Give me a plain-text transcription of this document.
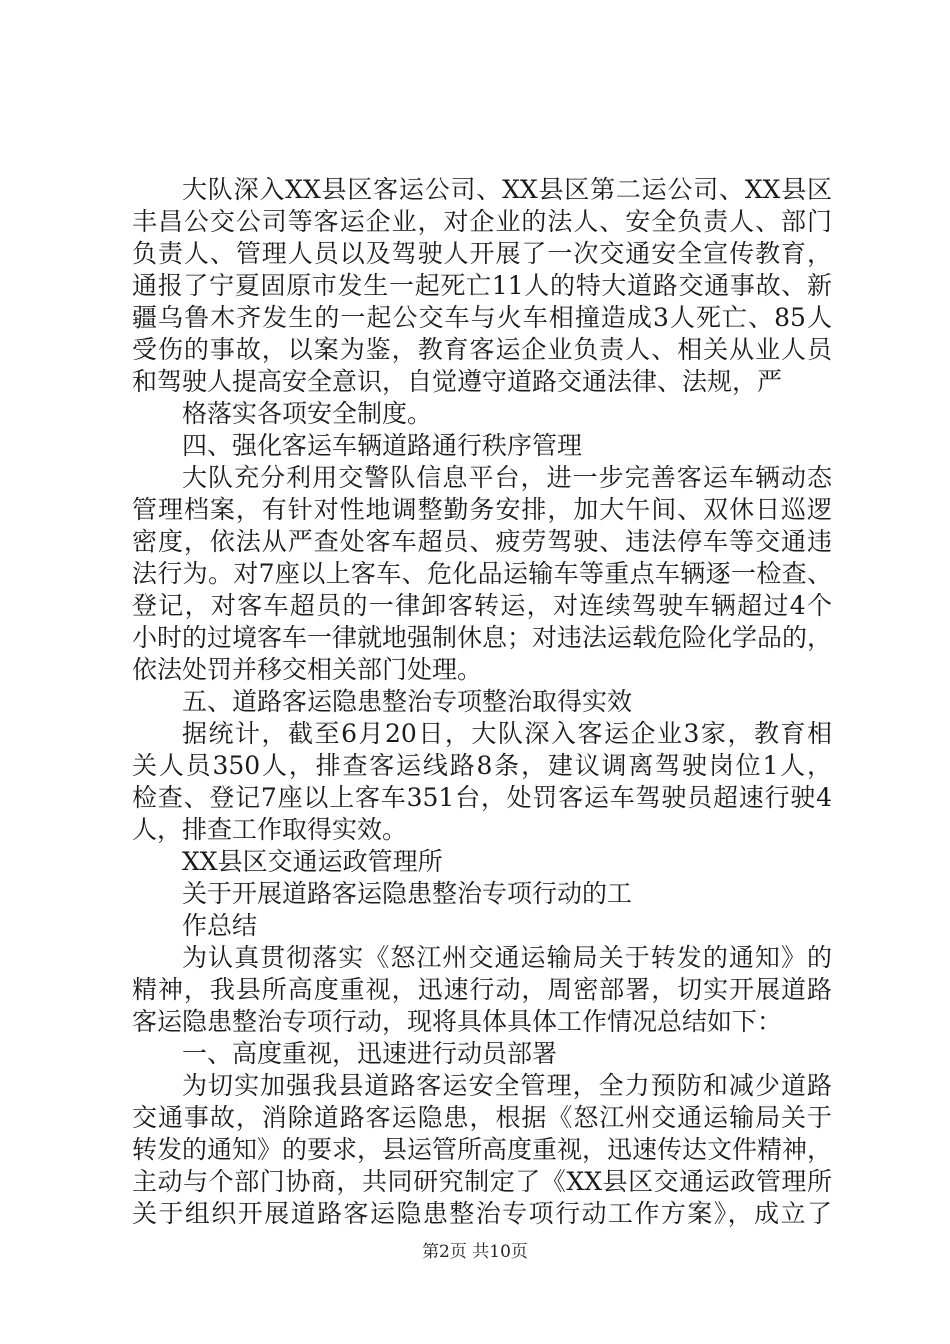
大队深入XX县区客运公司、XX县区第二运公司、XX县区
丰昌公交公司等客运企业，对企业的法人、安全负责人、部门
负责人、管理人员以及驾驶人开展了一次交通安全宣传教育，
通报了宁夏固原市发生一起死亡11人的特大道路交通事故、新
疆乌鲁木齐发生的一起公交车与火车相撞造成3人死亡、85人
受伤的事故，以案为鉴，教育客运企业负责人、相关从业人员
和驾驶人提高安全意识，自觉遵守道路交通法律、法规，严
格落实各项安全制度。
四、强化客运车辆道路通行秩序管理
大队充分利用交警队信息平台，进一步完善客运车辆动态
管理档案，有针对性地调整勤务安排，加大午间、双休日巡逻
密度，依法从严查处客车超员、疲劳驾驶、违法停车等交通违
法行为。对7座以上客车、危化品运输车等重点车辆逐一检查、
登记，对客车超员的一律卸客转运，对连续驾驶车辆超过4个
小时的过境客车一律就地强制休息；对违法运载危险化学品的，
依法处罚并移交相关部门处理。
五、道路客运隐患整治专项整治取得实效
据统计，截至6月20日，大队深入客运企业3家，教育相
关人员350人，排查客运线路8条，建议调离驾驶岗位1人，
检查、登记7座以上客车351台，处罚客运车驾驶员超速行驶4
人，排查工作取得实效。
XX县区交通运政管理所
关于开展道路客运隐患整治专项行动的工
作总结
为认真贯彻落实《怒江州交通运输局关于转发的通知》的
精神，我县所高度重视，迅速行动，周密部署，切实开展道路
客运隐患整治专项行动，现将具体具体工作情况总结如下：
一、高度重视，迅速进行动员部署
为切实加强我县道路客运安全管理，全力预防和减少道路
交通事故，消除道路客运隐患，根据《怒江州交通运输局关于
转发的通知》的要求，县运管所高度重视，迅速传达文件精神，
主动与个部门协商，共同研究制定了《XX县区交通运政管理所
关于组织开展道路客运隐患整治专项行动工作方案》，成立了
第2页 共10页
